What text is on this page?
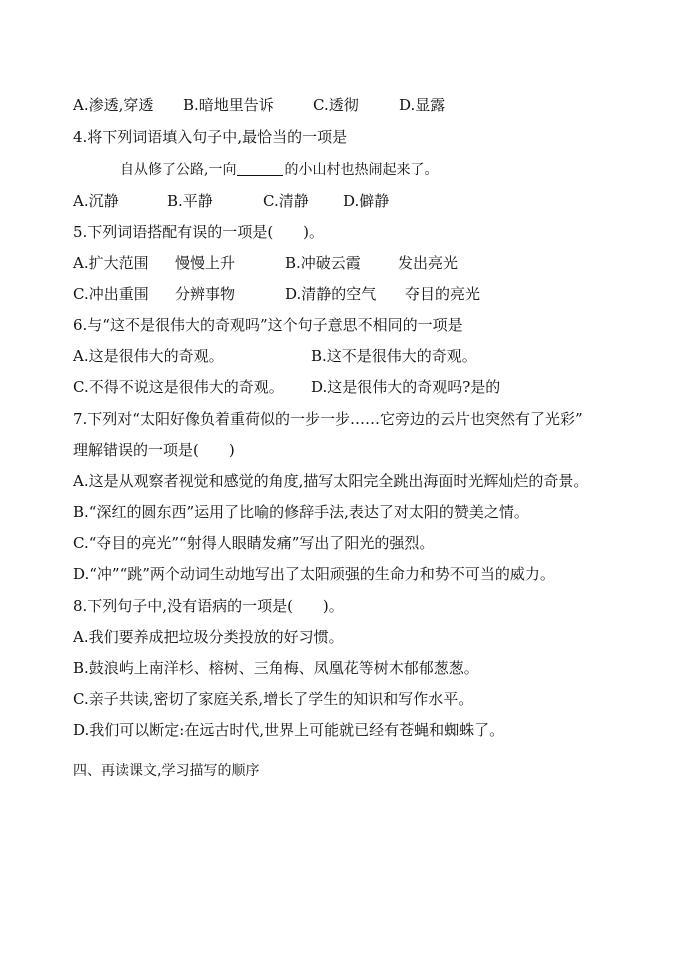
A.渗透,穿透 B.暗地里告诉	C.透彻	D.显露
4.将下列词语填入句子中,最恰当的一项是
自从修了公路,一向	的小山村也热闹起来了。
A.沉静	B.平静	C.清静 D.僻静
5.下列词语搭配有误的一项是(　　)。
A.扩大范围 慢慢上升	B.冲破云霞 发出亮光
C.冲出重围 分辨事物	D.清静的空气 夺目的亮光
6.与“这不是很伟大的奇观吗”这个句子意思不相同的一项是
A.这是很伟大的奇观。	B.这不是很伟大的奇观。
C.不得不说这是很伟大的奇观。 D.这是很伟大的奇观吗?是的
7.下列对“太阳好像负着重荷似的一步一步……它旁边的云片也突然有了光彩”
理解错误的一项是(　　)
A.这是从观察者视觉和感觉的角度,描写太阳完全跳出海面时光辉灿烂的奇景。
B.“深红的圆东西”运用了比喻的修辞手法,表达了对太阳的赞美之情。
C.“夺目的亮光”“射得人眼睛发痛”写出了阳光的强烈。
D.“冲”“跳”两个动词生动地写出了太阳顽强的生命力和势不可当的威力。
8.下列句子中,没有语病的一项是(　　)。
A.我们要养成把垃圾分类投放的好习惯。
B.鼓浪屿上南洋杉、榕树、三角梅、凤凰花等树木郁郁葱葱。
C.亲子共读,密切了家庭关系,增长了学生的知识和写作水平。
D.我们可以断定:在远古时代,世界上可能就已经有苍蝇和蜘蛛了。
四、再读课文,学习描写的顺序
